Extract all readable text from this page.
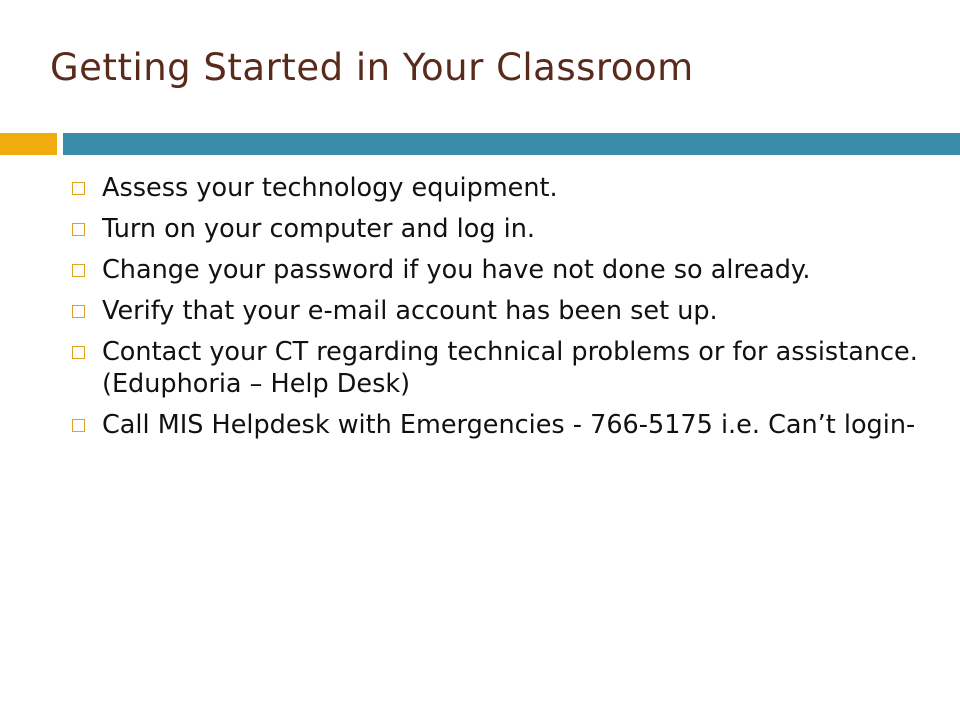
Getting Started in Your Classroom
Assess your technology equipment.
Turn on your computer and log in.
Change your password if you have not done so already.
Verify that your e-mail account has been set up.
Contact your CT regarding technical problems or for assistance. (Eduphoria – Help Desk)
Call MIS Helpdesk with Emergencies - 766-5175 i.e. Can’t login-
